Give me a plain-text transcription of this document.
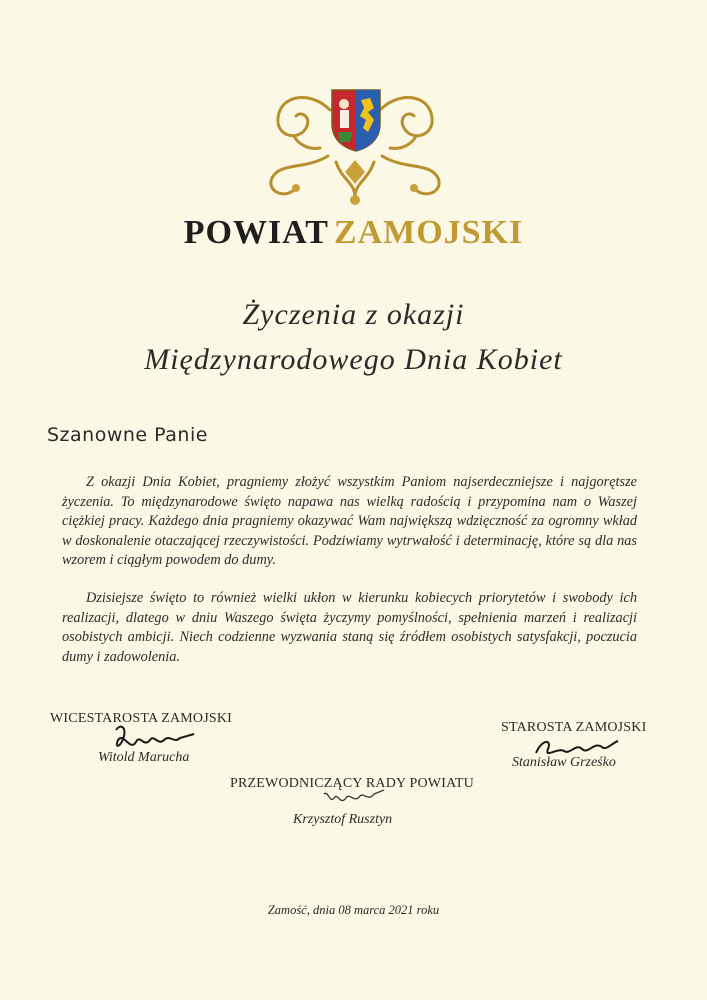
POWIAT ZAMOJSKI
Życzenia z okazji
Międzynarodowego Dnia Kobiet
Szanowne Panie

Z okazji Dnia Kobiet, pragniemy złożyć wszystkim Paniom najserdeczniejsze i najgorętsze życzenia. To międzynarodowe święto napawa nas wielką radością i przypomina nam o Waszej ciężkiej pracy. Każdego dnia pragniemy okazywać Wam największą wdzięczność za ogromny wkład w doskonalenie otaczającej rzeczywistości. Podziwiamy wytrwałość i determinację, które są dla nas wzorem i ciągłym powodem do dumy.

Dzisiejsze święto to również wielki ukłon w kierunku kobiecych priorytetów i swobody ich realizacji, dlatego w dniu Waszego święta życzymy pomyślności, spełnienia marzeń i realizacji osobistych ambicji. Niech codzienne wyzwania staną się źródłem osobistych satysfakcji, poczucia dumy i zadowolenia.

WICESTAROSTA ZAMOJSKI
Witold Marucha
STAROSTA ZAMOJSKI
Stanisław Grześko
PRZEWODNICZĄCY RADY POWIATU
Krzysztof Rusztyn
Zamość, dnia 08 marca 2021 roku
